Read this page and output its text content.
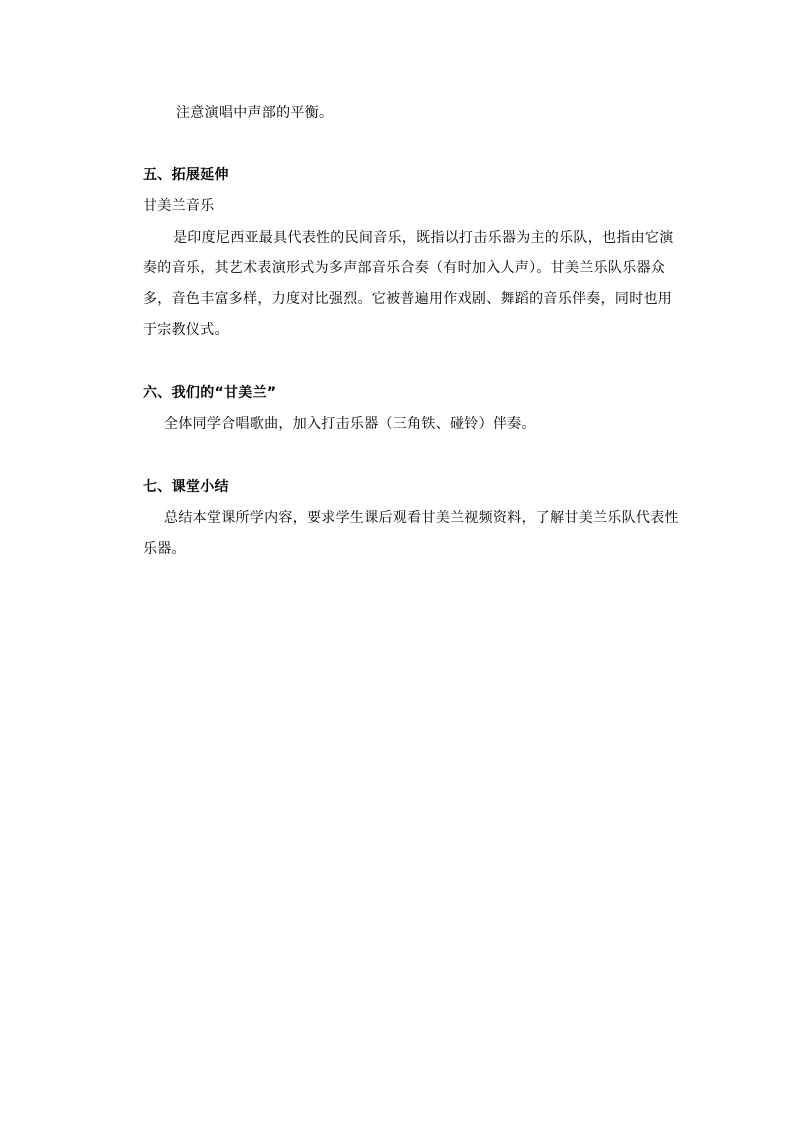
注意演唱中声部的平衡。
五、拓展延伸
甘美兰音乐
是印度尼西亚最具代表性的民间音乐，既指以打击乐器为主的乐队，也指由它演
奏的音乐，其艺术表演形式为多声部音乐合奏（有时加入人声）。甘美兰乐队乐器众
多，音色丰富多样，力度对比强烈。它被普遍用作戏剧、舞蹈的音乐伴奏，同时也用
于宗教仪式。
六、我们的“甘美兰”
全体同学合唱歌曲，加入打击乐器（三角铁、碰铃）伴奏。
七、课堂小结
总结本堂课所学内容，要求学生课后观看甘美兰视频资料，了解甘美兰乐队代表性
乐器。
